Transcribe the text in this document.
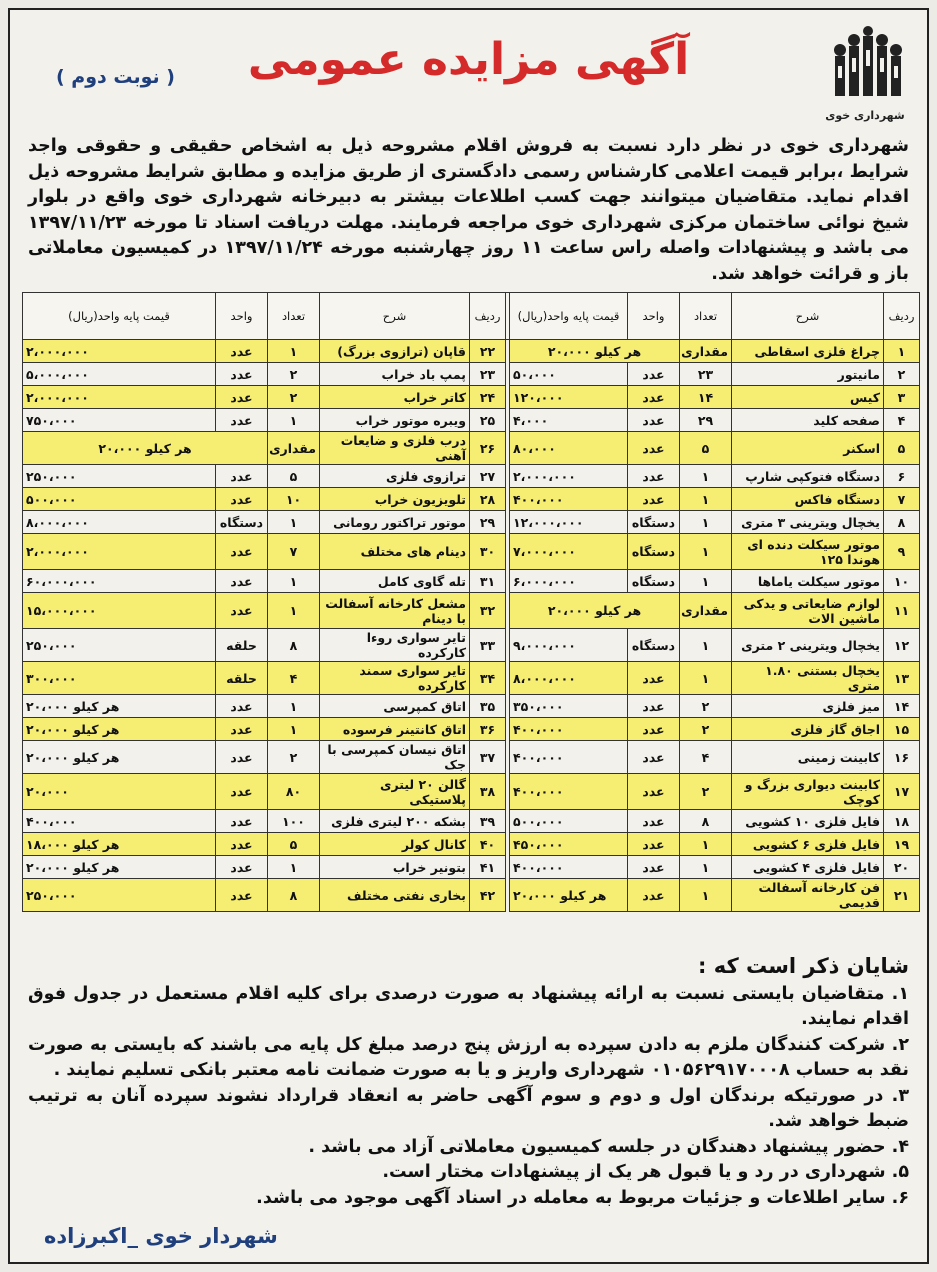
شهرداری خوی
آگهی مزایده عمومی
( نوبت دوم )
شهرداری خوی در نظر دارد نسبت به فروش اقلام مشروحه ذیل به اشخاص حقیقی و حقوقی واجد شرایط ،برابر قیمت اعلامی کارشناس رسمی دادگستری از طریق مزایده و مطابق شرایط مشروحه ذیل اقدام نماید. متقاضیان میتوانند جهت کسب اطلاعات بیشتر به دبیرخانه شهرداری خوی واقع در بلوار شیخ نوائی ساختمان مرکزی شهرداری خوی مراجعه فرمایند. مهلت دریافت اسناد تا مورخه ۱۳۹۷/۱۱/۲۳ می باشد و پیشنهادات واصله راس ساعت ۱۱ روز چهارشنبه مورخه ۱۳۹۷/۱۱/۲۴ در کمیسیون معاملاتی باز و قرائت خواهد شد.
ردیف	شرح	تعداد	واحد	قیمت پایه واحد(ریال)		ردیف	شرح	تعداد	واحد	قیمت پایه واحد(ریال)
۱	چراغ فلزی اسقاطی	مقداری	هر کیلو ۲۰،۰۰۰			۲۲	قاپان (ترازوی بزرگ)	۱	عدد	۲،۰۰۰،۰۰۰
۲	مانیتور	۲۳	عدد	۵۰،۰۰۰		۲۳	پمپ باد خراب	۲	عدد	۵،۰۰۰،۰۰۰
۳	کیس	۱۴	عدد	۱۲۰،۰۰۰		۲۴	کاتر خراب	۲	عدد	۲،۰۰۰،۰۰۰
۴	صفحه کلید	۲۹	عدد	۴،۰۰۰		۲۵	ویبره موتور خراب	۱	عدد	۷۵۰،۰۰۰
۵	اسکنر	۵	عدد	۸۰،۰۰۰		۲۶	درب فلزی و ضایعات آهنی	مقداری	هر کیلو ۲۰،۰۰۰	
۶	دستگاه فتوکپی شارپ	۱	عدد	۲،۰۰۰،۰۰۰		۲۷	ترازوی فلزی	۵	عدد	۲۵۰،۰۰۰
۷	دستگاه فاکس	۱	عدد	۴۰۰،۰۰۰		۲۸	تلویزیون خراب	۱۰	عدد	۵۰۰،۰۰۰
۸	یخچال ویترینی ۳ متری	۱	دستگاه	۱۲،۰۰۰،۰۰۰		۲۹	موتور تراکتور رومانی	۱	دستگاه	۸،۰۰۰،۰۰۰
۹	موتور سیکلت دنده ای هوندا ۱۲۵	۱	دستگاه	۷،۰۰۰،۰۰۰		۳۰	دینام های مختلف	۷	عدد	۲،۰۰۰،۰۰۰
۱۰	موتور سیکلت یاماها	۱	دستگاه	۶،۰۰۰،۰۰۰		۳۱	تله گاوی کامل	۱	عدد	۶۰،۰۰۰،۰۰۰
۱۱	لوازم ضایعاتی و یدکی ماشین الات	مقداری	هر کیلو ۲۰،۰۰۰			۳۲	مشعل کارخانه آسفالت با دینام	۱	عدد	۱۵،۰۰۰،۰۰۰
۱۲	یخچال ویترینی ۲ متری	۱	دستگاه	۹،۰۰۰،۰۰۰		۳۳	تایر سواری روءا کارکرده	۸	حلقه	۲۵۰،۰۰۰
۱۳	یخچال بستنی ۱.۸۰ متری	۱	عدد	۸،۰۰۰،۰۰۰		۳۴	تایر سواری سمند کارکرده	۴	حلقه	۳۰۰،۰۰۰
۱۴	میز فلزی	۲	عدد	۳۵۰،۰۰۰		۳۵	اتاق کمپرسی	۱	عدد	هر کیلو ۲۰،۰۰۰
۱۵	اجاق گاز فلزی	۲	عدد	۴۰۰،۰۰۰		۳۶	اتاق کانتینر فرسوده	۱	عدد	هر کیلو ۲۰،۰۰۰
۱۶	کابینت زمینی	۴	عدد	۴۰۰،۰۰۰		۳۷	اتاق نیسان کمپرسی با جک	۲	عدد	هر کیلو ۲۰،۰۰۰
۱۷	کابینت دیواری بزرگ و کوچک	۲	عدد	۴۰۰،۰۰۰		۳۸	گالن ۲۰ لیتری پلاستیکی	۸۰	عدد	۲۰،۰۰۰
۱۸	فایل فلزی ۱۰ کشویی	۸	عدد	۵۰۰،۰۰۰		۳۹	بشکه ۲۰۰ لیتری فلزی	۱۰۰	عدد	۴۰۰،۰۰۰
۱۹	فایل فلزی ۶ کشویی	۱	عدد	۴۵۰،۰۰۰		۴۰	کانال کولر	۵	عدد	هر کیلو ۱۸،۰۰۰
۲۰	فایل فلزی ۴ کشویی	۱	عدد	۴۰۰،۰۰۰		۴۱	بتونیر خراب	۱	عدد	هر کیلو ۲۰،۰۰۰
۲۱	فن کارخانه آسفالت قدیمی	۱	عدد	هر کیلو ۲۰،۰۰۰		۴۲	بخاری نفتی مختلف	۸	عدد	۲۵۰،۰۰۰
شایان ذکر است که :

۱. متقاضیان بایستی نسبت به ارائه پیشنهاد به صورت درصدی برای کلیه اقلام مستعمل در جدول فوق اقدام نمایند.

۲. شرکت کنندگان ملزم به دادن سپرده به ارزش پنج درصد مبلغ کل پایه می باشند که بایستی به صورت نقد به حساب ۰۱۰۵۶۲۹۱۷۰۰۰۸ شهرداری واریز و یا به صورت ضمانت نامه معتبر بانکی تسلیم نمایند .

۳. در صورتیکه برندگان اول و دوم و سوم آگهی حاضر به انعقاد قرارداد نشوند سپرده آنان به ترتیب ضبط خواهد شد.

۴. حضور پیشنهاد دهندگان در جلسه کمیسیون معاملاتی آزاد می باشد .

۵. شهرداری در رد و یا قبول هر یک از پیشنهادات مختار است.

۶. سایر اطلاعات و جزئیات مربوط به معامله در اسناد آگهی موجود می باشد.

شهردار خوی _اکبرزاده
